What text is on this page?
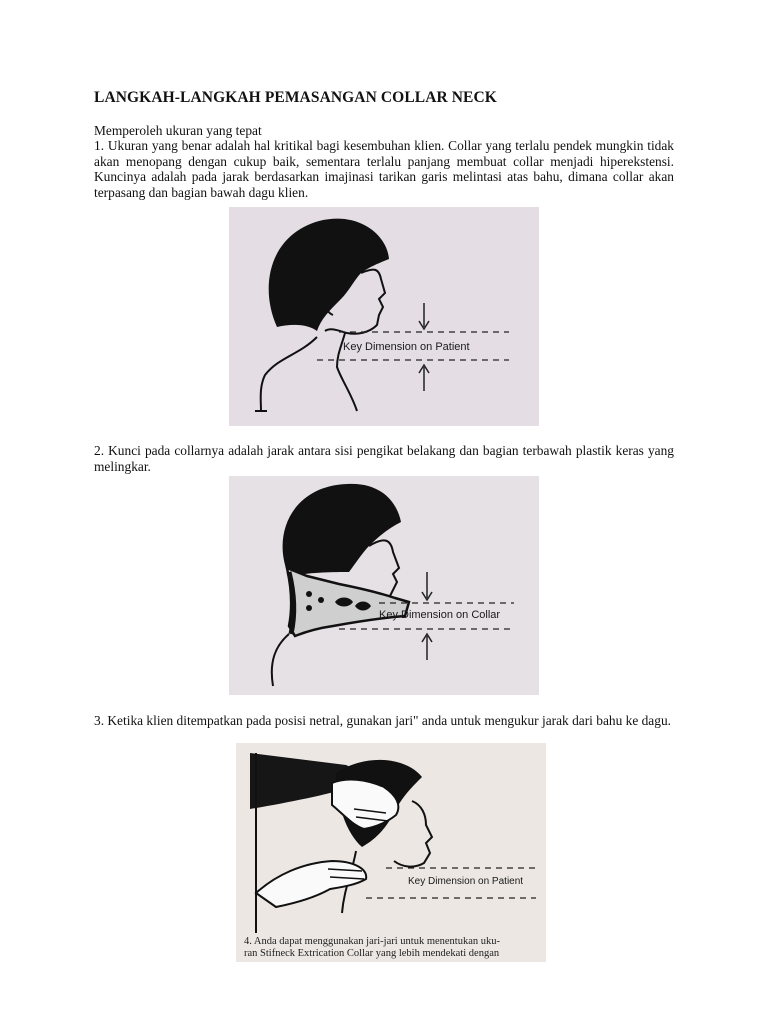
LANGKAH-LANGKAH PEMASANGAN COLLAR NECK

Memperoleh ukuran yang tepat

1. Ukuran yang benar adalah hal kritikal bagi kesembuhan klien. Collar yang terlalu pendek mungkin tidak akan menopang dengan cukup baik, sementara terlalu panjang membuat collar menjadi hiperekstensi. Kuncinya adalah pada jarak berdasarkan imajinasi tarikan garis melintasi atas bahu, dimana collar akan terpasang dan bagian bawah dagu klien.

Key Dimension on Patient

2. Kunci pada collarnya adalah jarak antara sisi pengikat belakang dan bagian terbawah plastik keras yang melingkar.

Key Dimension on Collar

3. Ketika klien ditempatkan pada posisi netral, gunakan jari" anda untuk mengukur jarak dari bahu ke dagu.

Key Dimension on Patient
4. Anda dapat menggunakan jari-jari untuk menentukan uku-
ran Stifneck Extrication Collar yang lebih mendekati dengan
